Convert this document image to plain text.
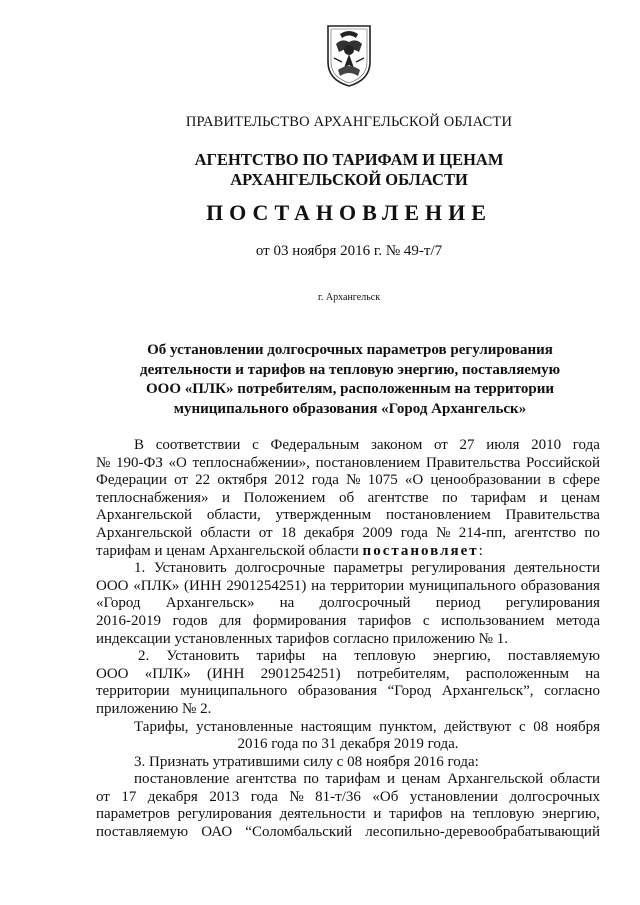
ПРАВИТЕЛЬСТВО АРХАНГЕЛЬСКОЙ ОБЛАСТИ
АГЕНТСТВО ПО ТАРИФАМ И ЦЕНАМ
АРХАНГЕЛЬСКОЙ ОБЛАСТИ
ПОСТАНОВЛЕНИЕ
от 03 ноября 2016 г. № 49-т/7
г. Архангельск
Об установлении долгосрочных параметров регулирования
деятельности и тарифов на тепловую энергию, поставляемую
ООО «ПЛК» потребителям, расположенным на территории
муниципального образования «Город Архангельск»
В соответствии с Федеральным законом от 27 июля 2010 года
№ 190-ФЗ «О теплоснабжении», постановлением Правительства Российской
Федерации от 22 октября 2012 года № 1075 «О ценообразовании в сфере
теплоснабжения» и Положением об агентстве по тарифам и ценам
Архангельской области, утвержденным постановлением Правительства
Архангельской области от 18 декабря 2009 года № 214-пп, агентство по
тарифам и ценам Архангельской области
постановляет :
1. Установить долгосрочные параметры регулирования деятельности
ООО «ПЛК» (ИНН 2901254251) на территории муниципального образования
«Город Архангельск» на долгосрочный период регулирования
2016-2019 годов для формирования тарифов с использованием метода
индексации установленных тарифов согласно приложению № 1.
2. Установить тарифы на тепловую энергию, поставляемую
ООО «ПЛК» (ИНН 2901254251) потребителям, расположенным на
территории муниципального образования “Город Архангельск”, согласно
приложению № 2.
Тарифы, установленные настоящим пунктом, действуют с 08 ноября
2016 года по 31 декабря 2019 года.
3. Признать утратившими силу с 08 ноября 2016 года:
постановление агентства по тарифам и ценам Архангельской области
от 17 декабря 2013 года № 81-т/36 «Об установлении долгосрочных
параметров регулирования деятельности и тарифов на тепловую энергию,
поставляемую ОАО “Соломбальский лесопильно-деревообрабатывающий
